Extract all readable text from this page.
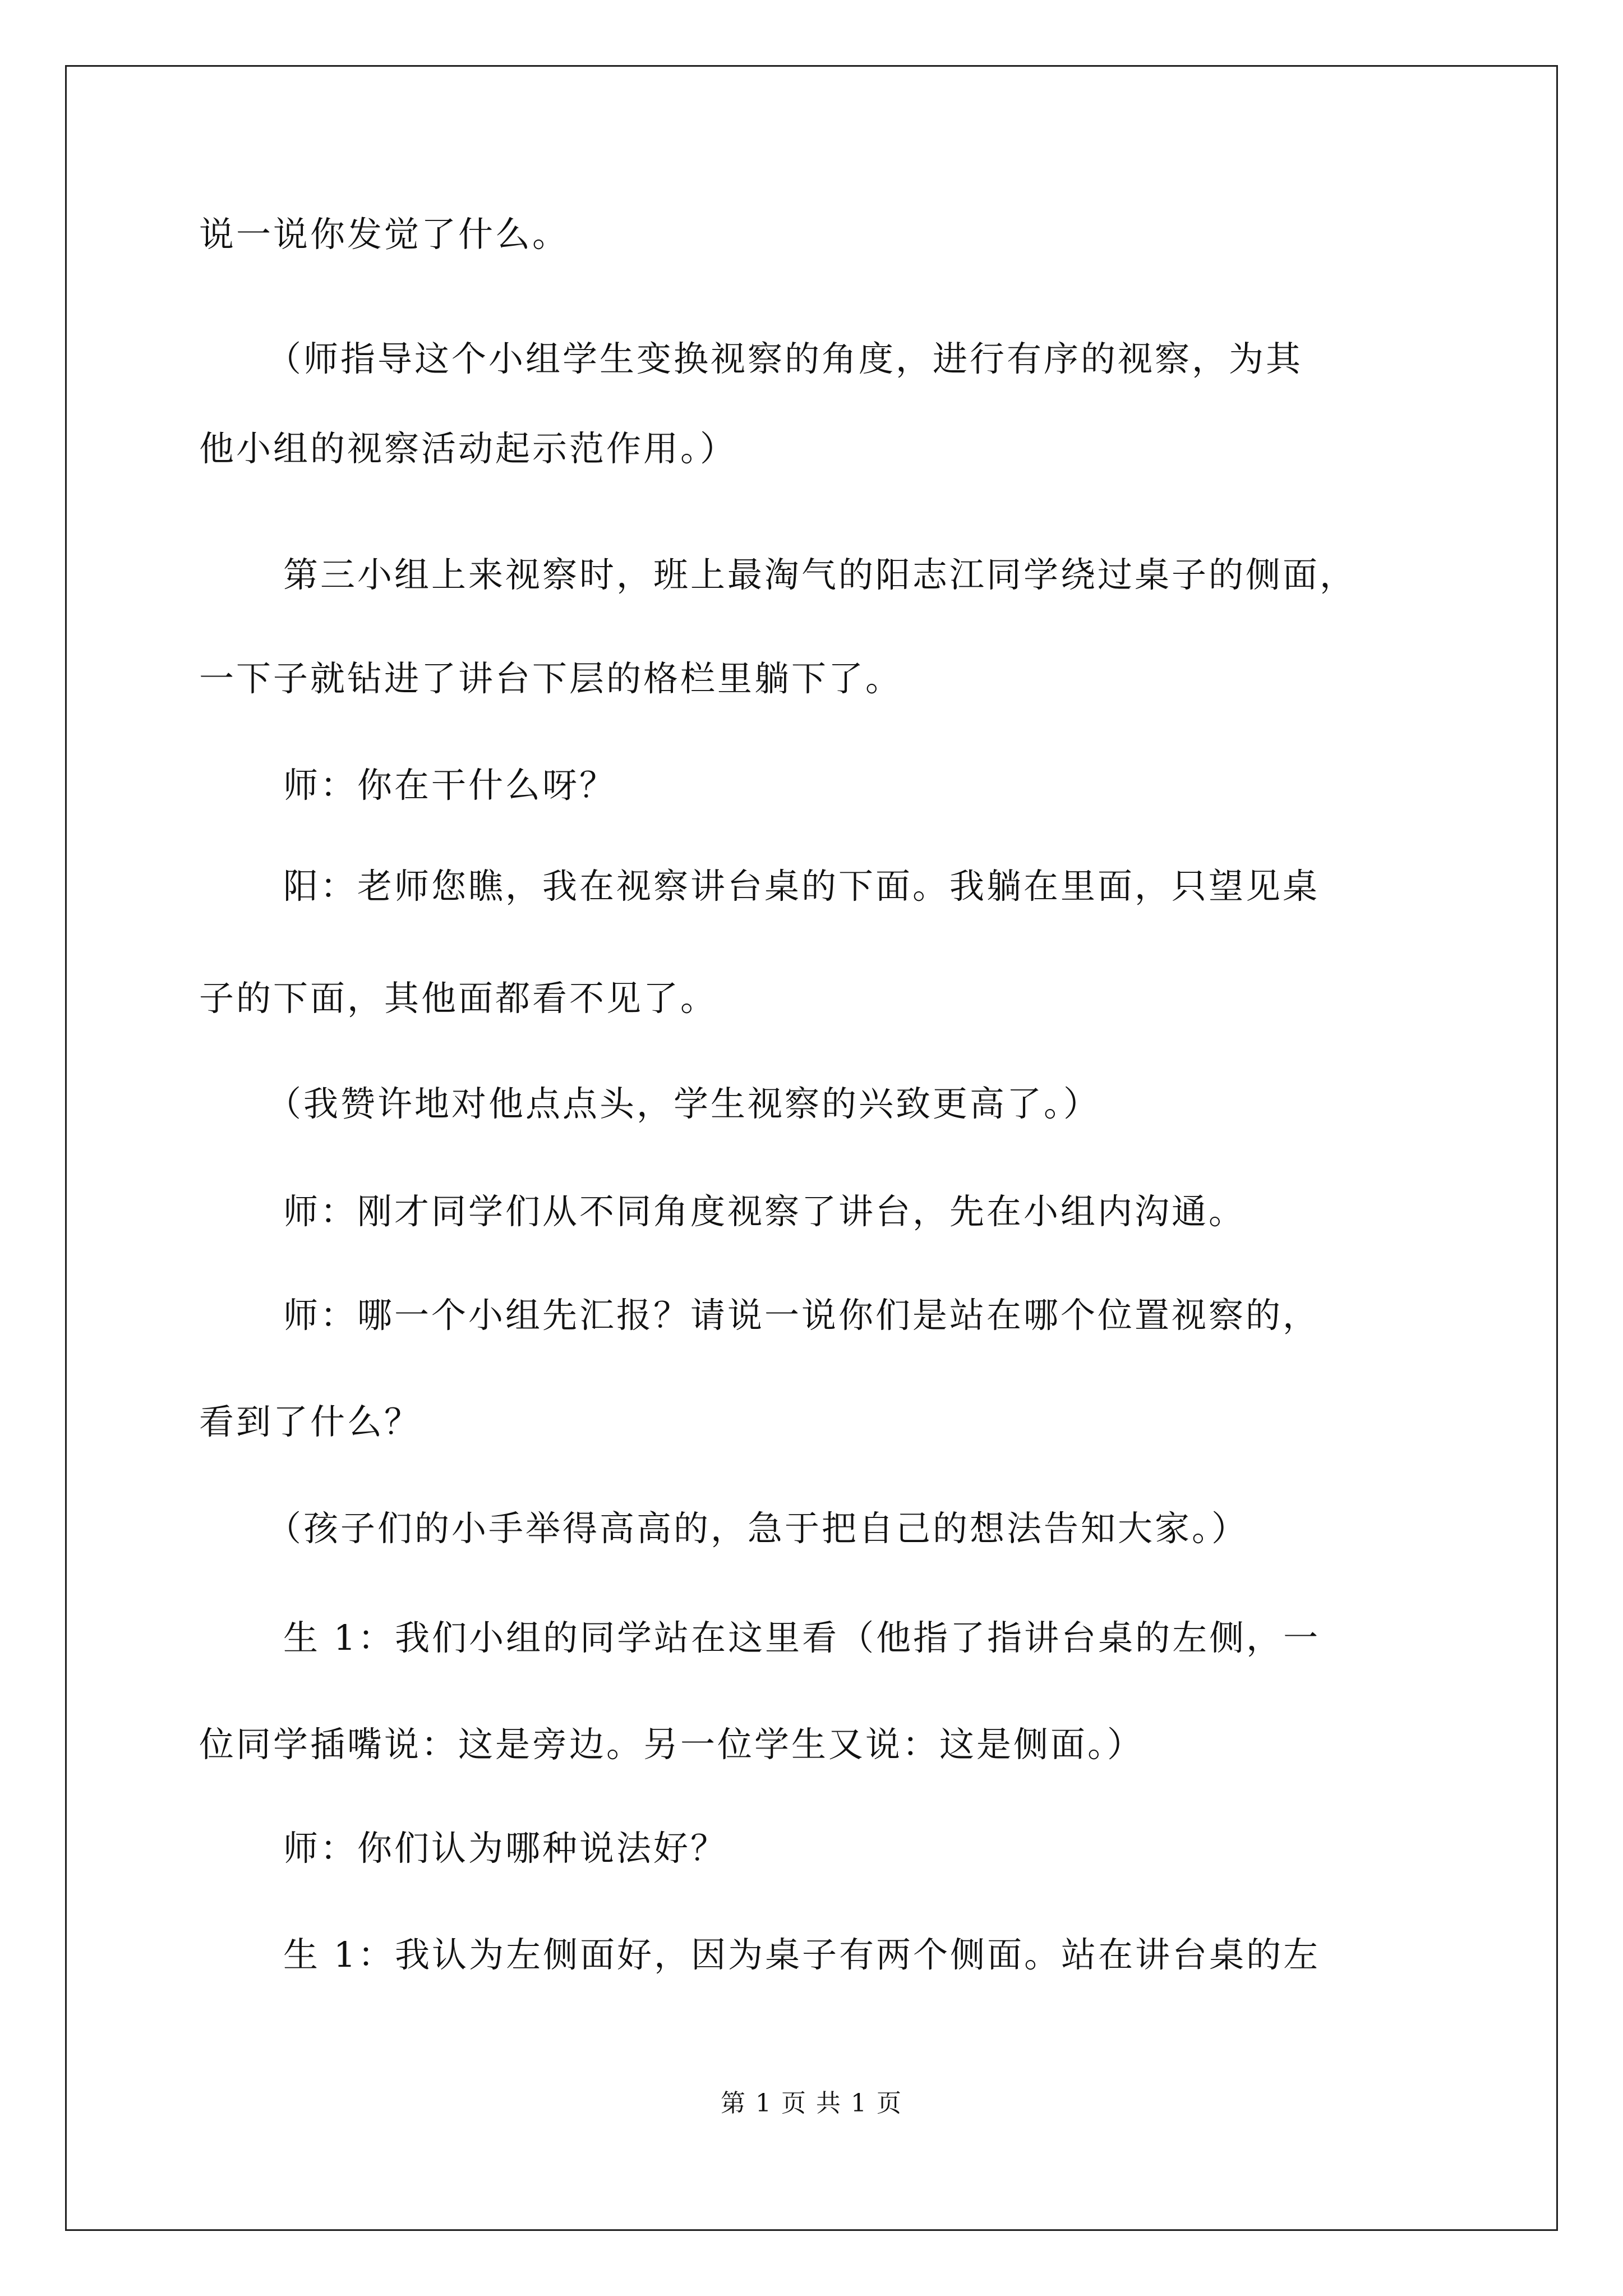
说一说你发觉了什么。
（师指导这个小组学生变换视察的角度，进行有序的视察，为其
他小组的视察活动起示范作用。）
第三小组上来视察时，班上最淘气的阳志江同学绕过桌子的侧面，
一下子就钻进了讲台下层的格栏里躺下了。
师：你在干什么呀？
阳：老师您瞧，我在视察讲台桌的下面。我躺在里面，只望见桌
子的下面，其他面都看不见了。
（我赞许地对他点点头，学生视察的兴致更高了。）
师：刚才同学们从不同角度视察了讲台，先在小组内沟通。
师：哪一个小组先汇报？请说一说你们是站在哪个位置视察的，
看到了什么？
（孩子们的小手举得高高的，急于把自己的想法告知大家。）
生 1：我们小组的同学站在这里看（他指了指讲台桌的左侧，一
位同学插嘴说：这是旁边。另一位学生又说：这是侧面。）
师：你们认为哪种说法好？
生 1：我认为左侧面好，因为桌子有两个侧面。站在讲台桌的左
第 1 页 共 1 页
